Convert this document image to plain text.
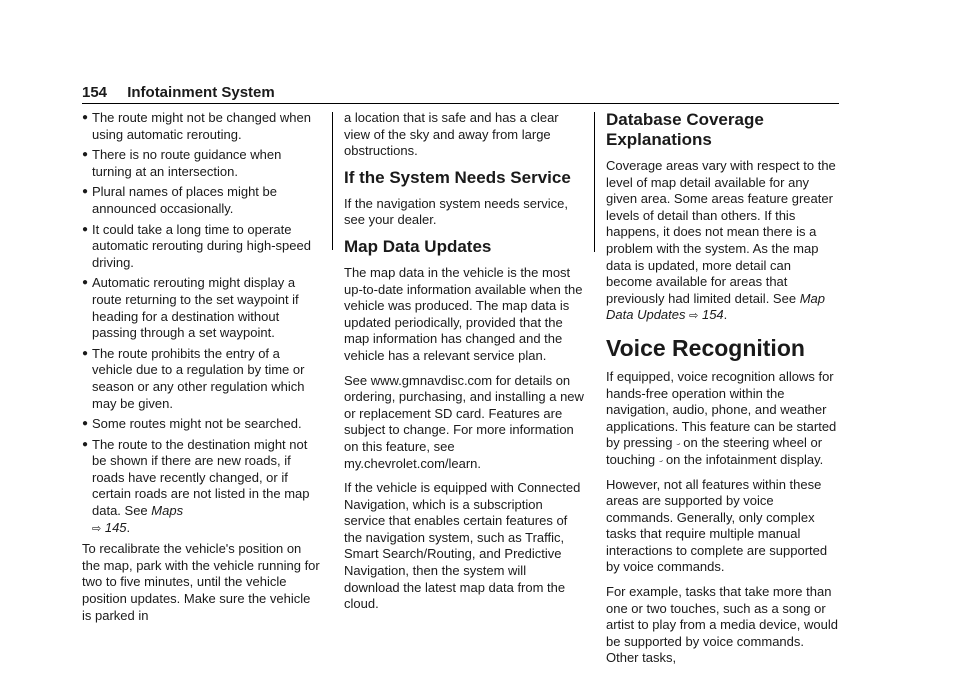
154 Infotainment System
● The route might not be changed when using automatic rerouting.
● There is no route guidance when turning at an intersection.
● Plural names of places might be announced occasionally.
● It could take a long time to operate automatic rerouting during high-speed driving.
● Automatic rerouting might display a route returning to the set waypoint if heading for a destination without passing through a set waypoint.
● The route prohibits the entry of a vehicle due to a regulation by time or season or any other regulation which may be given.
● Some routes might not be searched.
● The route to the destination might not be shown if there are new roads, if roads have recently changed, or if certain roads are not listed in the map data. See Maps
⇨ 145.

To recalibrate the vehicle's position on the map, park with the vehicle running for two to five minutes, until the vehicle position updates. Make sure the vehicle is parked in

a location that is safe and has a clear view of the sky and away from large obstructions.

If the System Needs Service

If the navigation system needs service, see your dealer.

Map Data Updates

The map data in the vehicle is the most up-to-date information available when the vehicle was produced. The map data is updated periodically, provided that the map information has changed and the vehicle has a relevant service plan.

See www.gmnavdisc.com for details on ordering, purchasing, and installing a new or replacement SD card. Features are subject to change. For more information on this feature, see my.chevrolet.com/learn.

If the vehicle is equipped with Connected Navigation, which is a subscription service that enables certain features of the navigation system, such as Traffic, Smart Search/Routing, and Predictive Navigation, then the system will download the latest map data from the cloud.

Database Coverage Explanations

Coverage areas vary with respect to the level of map detail available for any given area. Some areas feature greater levels of detail than others. If this happens, it does not mean there is a problem with the system. As the map data is updated, more detail can become available for areas that previously had limited detail. See Map Data Updates ⇨ 154.

Voice Recognition

If equipped, voice recognition allows for hands-free operation within the navigation, audio, phone, and weather applications. This feature can be started by pressing 𝆤 on the steering wheel or touching 𝆤 on the infotainment display.

However, not all features within these areas are supported by voice commands. Generally, only complex tasks that require multiple manual interactions to complete are supported by voice commands.

For example, tasks that take more than one or two touches, such as a song or artist to play from a media device, would be supported by voice commands. Other tasks,
